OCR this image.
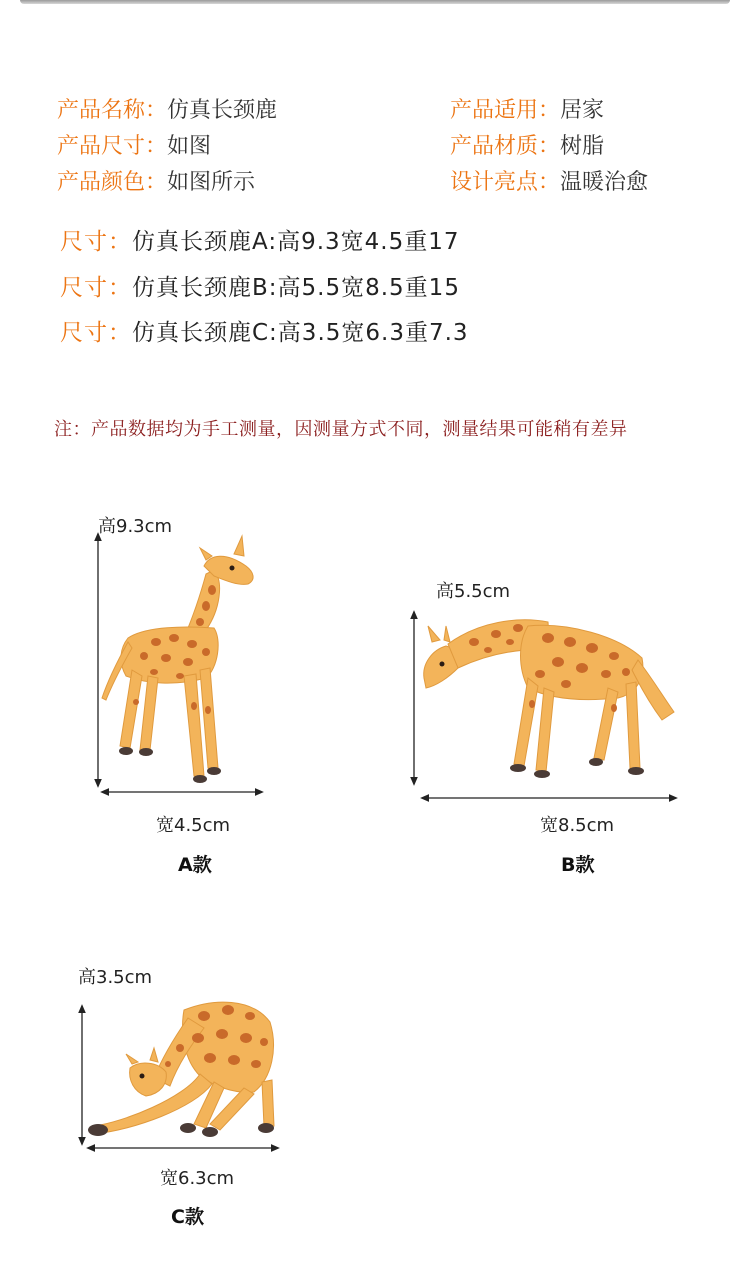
产品名称：仿真长颈鹿
产品尺寸：如图
产品颜色：如图所示
产品适用：居家
产品材质：树脂
设计亮点：温暖治愈
尺寸：仿真长颈鹿A:高9.3宽4.5重17
尺寸：仿真长颈鹿B:高5.5宽8.5重15
尺寸：仿真长颈鹿C:高3.5宽6.3重7.3
注：产品数据均为手工测量，因测量方式不同，测量结果可能稍有差异
高9.3cm
宽4.5cm
A款
高5.5cm
宽8.5cm
B款
高3.5cm
宽6.3cm
C款
